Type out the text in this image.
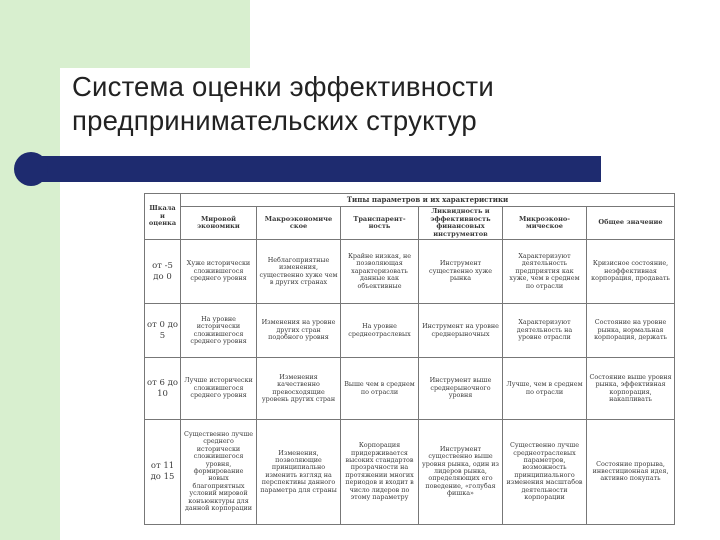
Система оценки эффективности
предпринимательских структур
Шкала и оценка	Типы параметров и их характеристики					
	Мировой экономики	Макроэкономиче ское	Транспарент- ность	Ликвидность и эффективность финансовых инструментов	Микроэконо- мическое	Общее значение
от -5 до 0	Хуже исторически сложившегося среднего уровня	Неблагоприятные изменения, существенно хуже чем в других странах	Крайне низкая, не позволяющая характеризовать данные как объективные	Инструмент существенно хуже рынка	Характеризуют деятельность предприятия как хуже, чем в среднем по отрасли	Кризисное состояние, неэффективная корпорация, продавать
от 0 до 5	На уровне исторически сложившегося среднего уровня	Изменения на уровне других стран подобного уровня	На уровне среднеотраслевых	Инструмент на уровне среднерыночных	Характеризуют деятельность на уровне отрасли	Состояние на уровне рынка, нормальная корпорация, держать
от 6 до 10	Лучше исторически сложившегося среднего уровня	Изменения качественно превосходящие уровень других стран	Выше чем в среднем по отрасли	Инструмент выше среднерыночного уровня	Лучше, чем в среднем по отрасли	Состояние выше уровня рынка, эффективная корпорация, накапливать
от 11 до 15	Существенно лучше среднего исторически сложившегося уровня, формирование новых благоприятных условий мировой конъюнктуры для данной корпорации	Изменения, позволяющие принципиально изменить взгляд на перспективы данного параметра для страны	Корпорация придерживается высоких стандартов прозрачности на протяжении многих периодов и входит в число лидеров по этому параметру	Инструмент существенно выше уровня рынка, один из лидеров рынка, определяющих его поведение, «голубая фишка»	Существенно лучше среднеотраслевых параметров, возможность принципиального изменения масштабов деятельности корпорации	Состояние прорыва, инвестиционная идея, активно покупать
